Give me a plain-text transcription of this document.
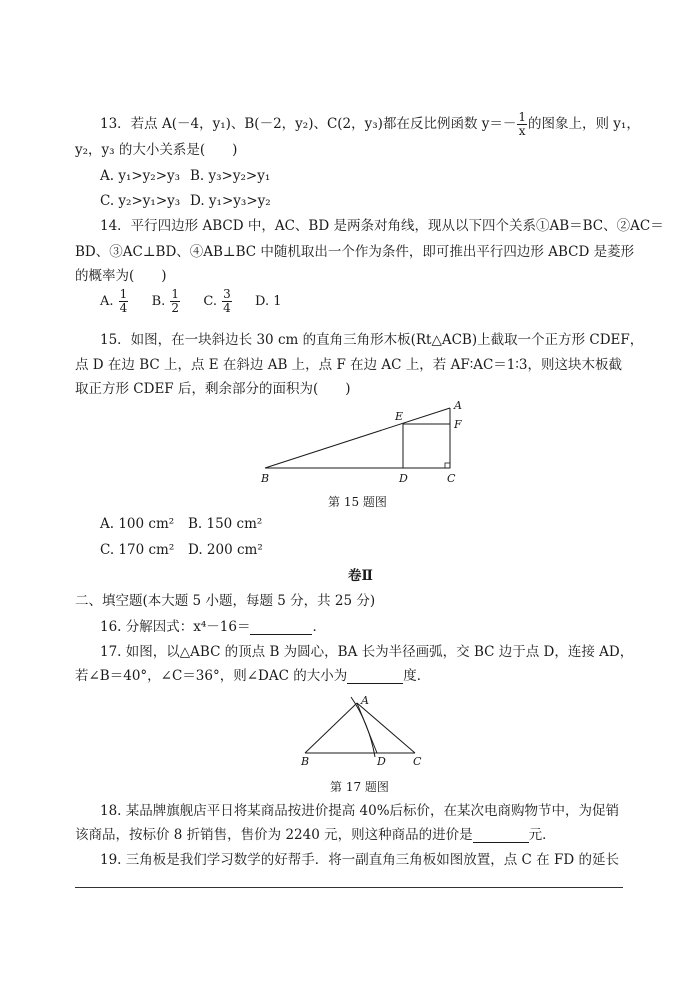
13．若点 A(－4，y₁)、B(－2，y₂)、C(2，y₃)都在反比例函数 $y=- \frac{1}{x}$ 的图象上，则 y₁，
y₂，y₃ 的大小关系是(　　)
A. y₁>y₂>y₃ B. y₃>y₂>y₁
C. y₂>y₁>y₃ D. y₁>y₃>y₂
14．平行四边形 ABCD 中，AC、BD 是两条对角线，现从以下四个关系①AB＝BC、②AC＝
BD、③AC⊥BD、④AB⊥BC 中随机取出一个作为条件，即可推出平行四边形 ABCD 是菱形
的概率为(　　)
A. $\frac{1}{4} B$. $\frac{1}{2} C$. $\frac{3}{4} D$. 1
15．如图，在一块斜边长 30 cm 的直角三角形木板(Rt△ACB)上截取一个正方形 CDEF，
点 D 在边 BC 上，点 E 在斜边 AB 上，点 F 在边 AC 上，若 AF∶AC＝1∶3，则这块木板截
取正方形 CDEF 后，剩余部分的面积为(　　)
A
E
F
B	D	C
第 15 题图
A. 100 cm² B. 150 cm²
C. 170 cm² D. 200 cm²
卷Ⅱ
二、填空题(本大题 5 小题，每题 5 分，共 25 分)
16. 分解因式：x⁴－16＝	．
17. 如图，以△ABC 的顶点 B 为圆心，BA 长为半径画弧，交 BC 边于点 D，连接 AD，
若∠B＝40°，∠C＝36°，则∠DAC 的大小为	度．
A
B	D C
第 17 题图
18. 某品牌旗舰店平日将某商品按进价提高 40%后标价，在某次电商购物节中，为促销
该商品，按标价 8 折销售，售价为 2240 元，则这种商品的进价是	元．
19. 三角板是我们学习数学的好帮手．将一副直角三角板如图放置，点 C 在 FD 的延长
